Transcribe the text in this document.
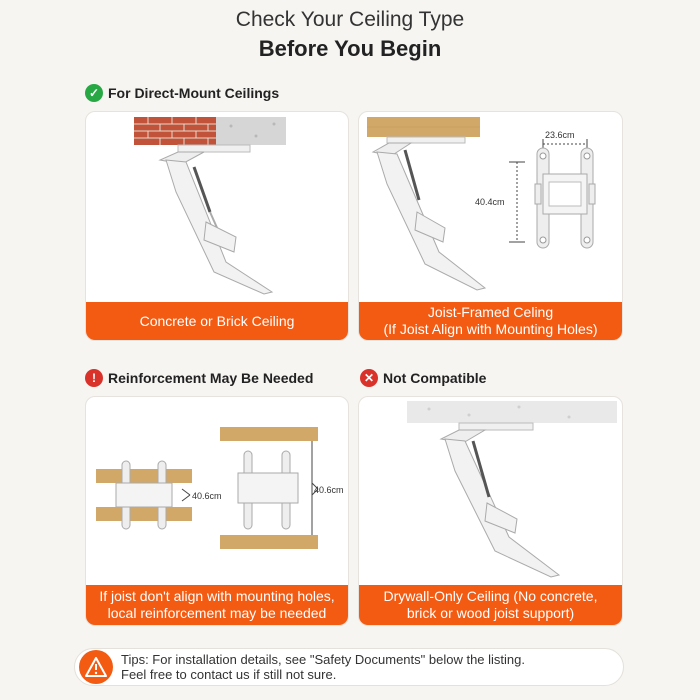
Check Your Ceiling Type
Before You Begin
✓ For Direct-Mount Ceilings
Concrete or Brick Ceiling
23.6cm
40.4cm
Joist-Framed Celing
(If Joist Align with Mounting Holes)
! Reinforcement May Be Needed	✕ Not Compatible
40.6cm
40.6cm
If joist don't align with mounting holes,
local reinforcement may be needed
Drywall-Only Ceiling (No concrete,
brick or wood joist support)
Tips: For installation details, see "Safety Documents" below the listing.
Feel free to contact us if still not sure.
